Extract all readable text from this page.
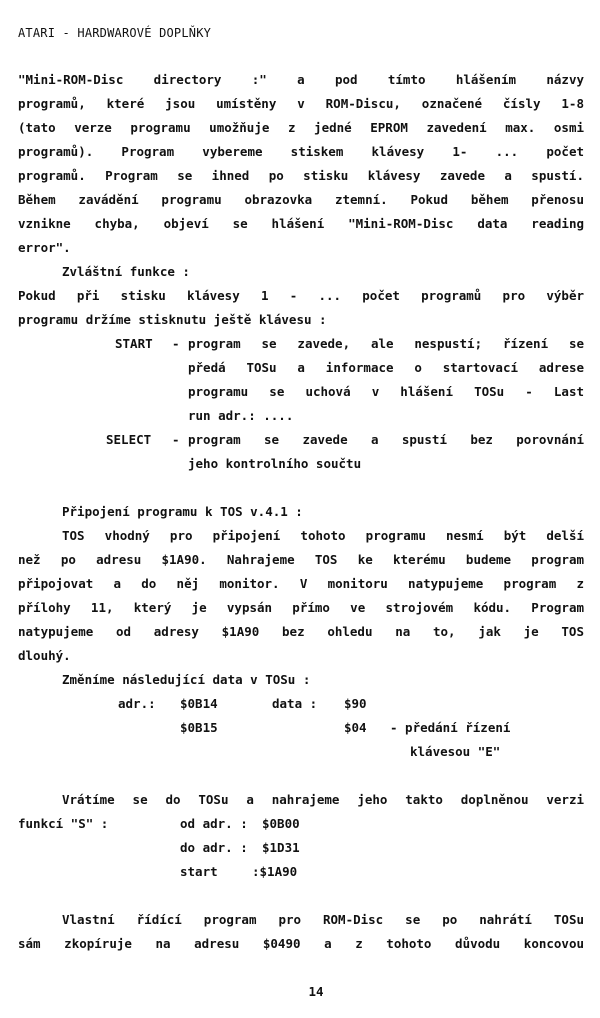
ATARI - HARDWAROVÉ DOPLŇKY
"Mini-ROM-Disc directory :" a pod tímto hlášením názvy
programů, které jsou umístěny v ROM-Discu, označené čísly 1-8
(tato verze programu umožňuje z jedné EPROM zavedení max. osmi
programů). Program vybereme stiskem klávesy 1- ... počet
programů. Program se ihned po stisku klávesy zavede a spustí.
Během zavádění programu obrazovka ztemní. Pokud během přenosu
vznikne chyba, objeví se hlášení "Mini-ROM-Disc data reading
error".
Zvláštní funkce :
Pokud při stisku klávesy 1 - ... počet programů pro výběr
programu držíme stisknutu ještě klávesu :
START - program se zavede, ale nespustí; řízení se
předá TOSu a informace o startovací adrese
programu se uchová v hlášení TOSu - Last
run adr.: ....
SELECT - program se zavede a spustí bez porovnání
jeho kontrolního součtu
Připojení programu k TOS v.4.1 :
TOS vhodný pro připojení tohoto programu nesmí být delší
než po adresu $1A90. Nahrajeme TOS ke kterému budeme program
připojovat a do něj monitor. V monitoru natypujeme program z
přílohy 11, který je vypsán přímo ve strojovém kódu. Program
natypujeme od adresy $1A90 bez ohledu na to, jak je TOS
dlouhý.
Změníme následující data v TOSu :
adr.: $0B14	data : $90
$0B15	$04 - předání řízení
klávesou "E"
Vrátíme se do TOSu a nahrajeme jeho takto doplněnou verzi
funkcí "S" :	od adr. : $0B00
do adr. : $1D31
start	:$1A90
Vlastní řídící program pro ROM-Disc se po nahrátí TOSu
sám zkopíruje na adresu $0490 a z tohoto důvodu koncovou
14
